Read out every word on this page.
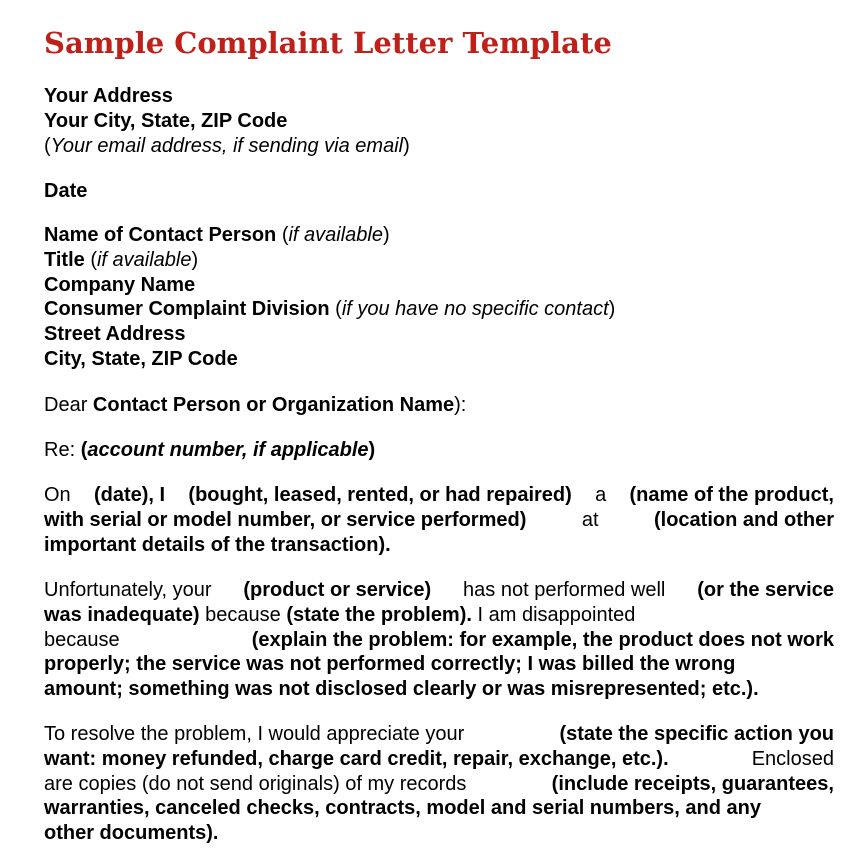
Sample Complaint Letter Template
Your Address
Your City, State, ZIP Code
(Your email address, if sending via email)
Date
Name of Contact Person (if available)
Title (if available)
Company Name
Consumer Complaint Division (if you have no specific contact)
Street Address
City, State, ZIP Code
Dear Contact Person or Organization Name):
Re: (account number, if applicable)
On (date), I (bought, leased, rented, or had repaired) a (name of the product,
with serial or model number, or service performed)	at	(location and other
important details of the transaction).
Unfortunately, your (product or service) has not performed well (or the service
was inadequate) because (state the problem). I am disappointed
because	(explain the problem: for example, the product does not work
properly; the service was not performed correctly; I was billed the wrong
amount; something was not disclosed clearly or was misrepresented; etc.).
To resolve the problem, I would appreciate your	(state the specific action you
want: money refunded, charge card credit, repair, exchange, etc.).	Enclosed
are copies (do not send originals) of my records	(include receipts, guarantees,
warranties, canceled checks, contracts, model and serial numbers, and any
other documents).
